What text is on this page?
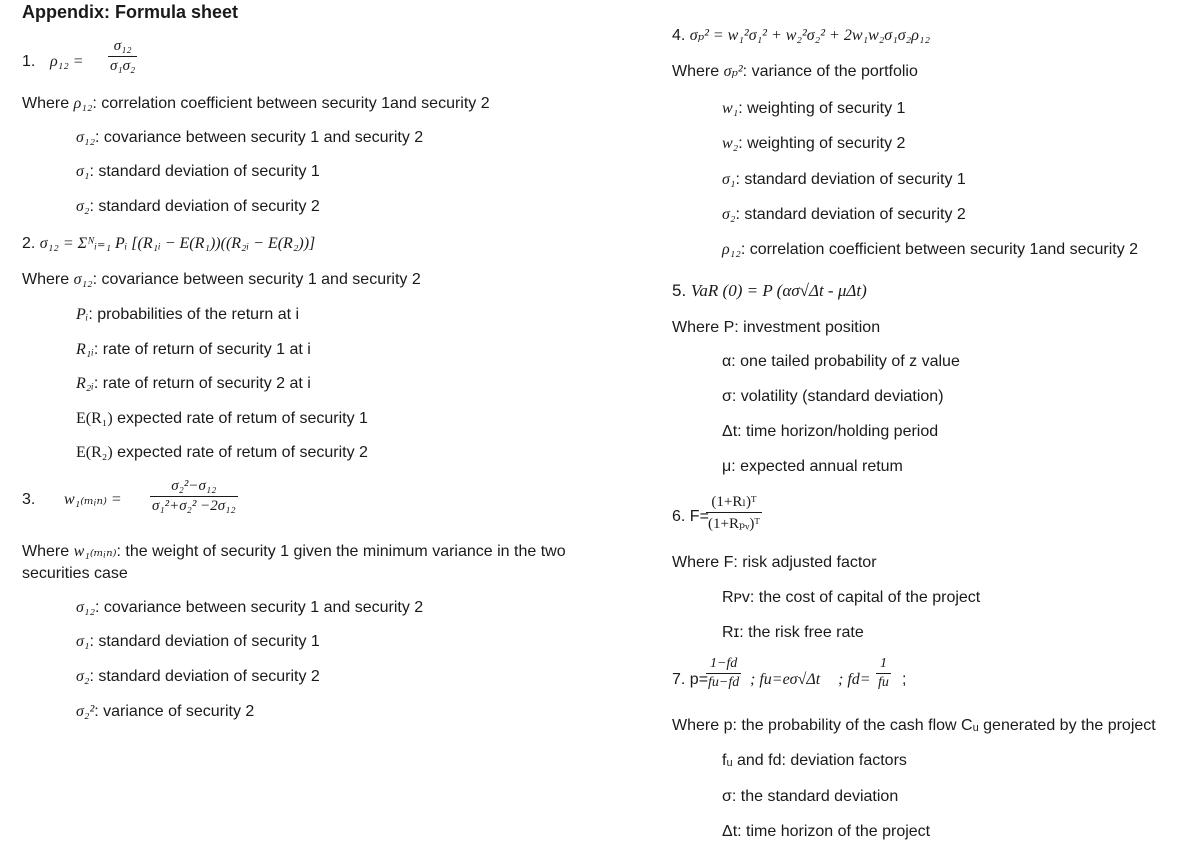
Appendix: Formula sheet
1. $\rho_{12} = \frac{\text{σ₁₂}}{\text{σ₁σ₂}}$
Where ρ₁₂: correlation coefficient between security 1and security 2
σ₁₂: covariance between security 1 and security 2
σ₁: standard deviation of security 1
σ₂: standard deviation of security 2
2. σ₁₂ = Σᴺᵢ₌₁ Pᵢ [(R₁ᵢ − E(R₁))((R₂ᵢ − E(R₂))]
Where σ₁₂: covariance between security 1 and security 2
Pᵢ: probabilities of the return at i
R₁ᵢ: rate of return of security 1 at i
R₂ᵢ: rate of return of security 2 at i
E(R₁) expected rate of retum of security 1
E(R₂) expected rate of retum of security 2
3. w₁₍ₘᵢₙ₎ = $\frac{\text{σ₂²−σ₁₂}}{\text{σ₁²+σ₂² −2σ₁₂}}$
Where w₁₍ₘᵢₙ₎: the weight of security 1 given the minimum variance in the two
securities case
σ₁₂: covariance between security 1 and security 2
σ₁: standard deviation of security 1
σ₂: standard deviation of security 2
σ₂²: variance of security 2
4. σₚ² = w₁²σ₁² + w₂²σ₂² + 2w₁w₂σ₁σ₂ρ₁₂
Where σₚ²: variance of the portfolio
w₁: weighting of security 1
w₂: weighting of security 2
σ₁: standard deviation of security 1
σ₂: standard deviation of security 2
ρ₁₂: correlation coefficient between security 1and security 2
5. VaR (0) = P (ασ√Δt - μΔt)
Where P: investment position
α: one tailed probability of z value
σ: volatility (standard deviation)
Δt: time horizon/holding period
μ: expected annual retum
6. F=
(1+Rₗ)ᵀ
(1+Rₚᵥ)ᵀ
Where F: risk adjusted factor
Rᴘᴠ: the cost of capital of the project
Rɪ: the risk free rate
7. p=
$\frac{1-fd}{fu-fd}$ ; fu=eσ√Δt ; $fd= \frac{1}{fu}$ ;
Where p: the probability of the cash flow Cᵤ generated by the project
fᵤ and fd: deviation factors
σ: the standard deviation
Δt: time horizon of the project
